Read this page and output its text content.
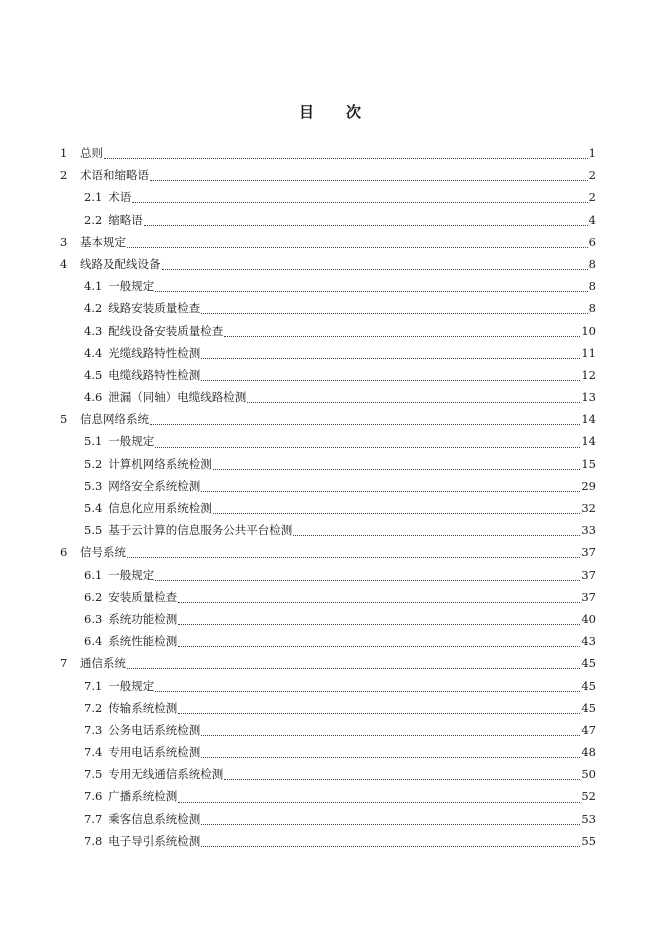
目 次
1	总则	1
2	术语和缩略语	2
2.1 术语	2
2.2 缩略语	4
3	基本规定	6
4	线路及配线设备	8
4.1 一般规定	8
4.2 线路安装质量检查	8
4.3 配线设备安装质量检查	10
4.4 光缆线路特性检测	11
4.5 电缆线路特性检测	12
4.6 泄漏（同轴）电缆线路检测	13
5	信息网络系统	14
5.1 一般规定	14
5.2 计算机网络系统检测	15
5.3 网络安全系统检测	29
5.4 信息化应用系统检测	32
5.5 基于云计算的信息服务公共平台检测	33
6	信号系统	37
6.1 一般规定	37
6.2 安装质量检查	37
6.3 系统功能检测	40
6.4 系统性能检测	43
7	通信系统	45
7.1 一般规定	45
7.2 传输系统检测	45
7.3 公务电话系统检测	47
7.4 专用电话系统检测	48
7.5 专用无线通信系统检测	50
7.6 广播系统检测	52
7.7 乘客信息系统检测	53
7.8 电子导引系统检测	55
